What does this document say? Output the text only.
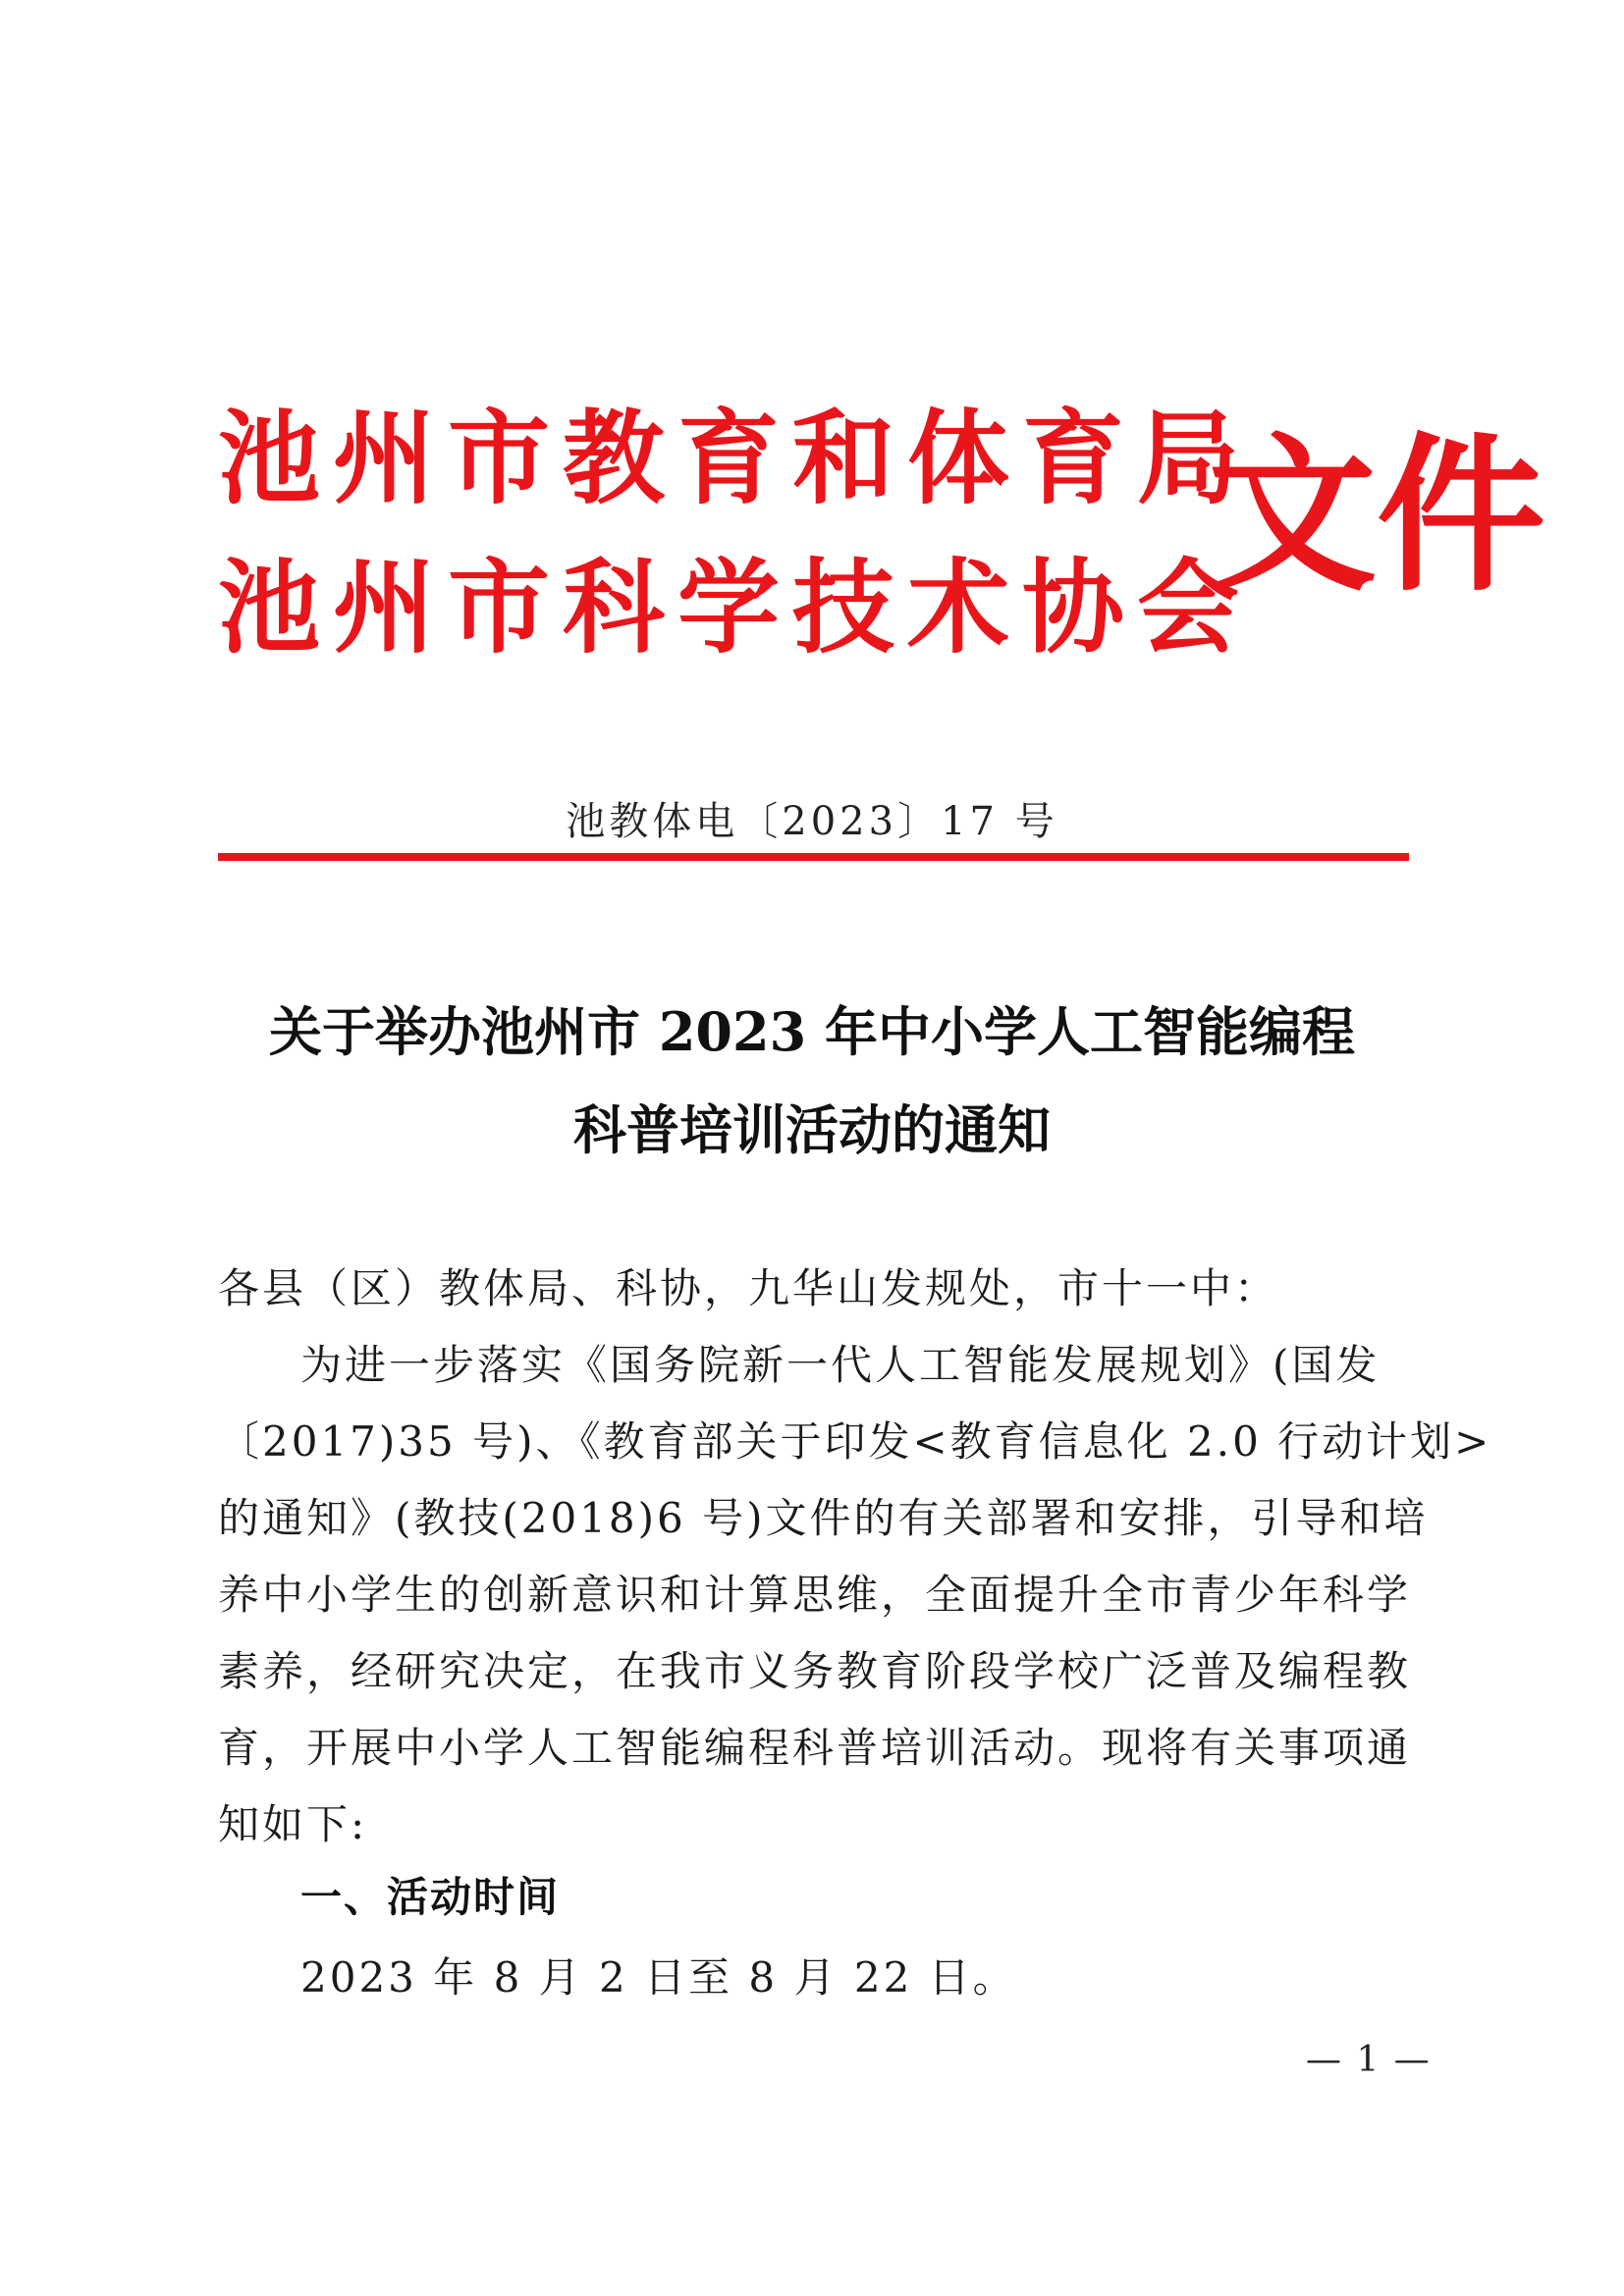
池州市教育和体育局
池州市科学技术协会
文件
池教体电〔2023〕17 号
关于举办池州市 2023 年中小学人工智能编程
科普培训活动的通知
各县（区）教体局、科协，九华山发规处，市十一中：
为进一步落实《国务院新一代人工智能发展规划》(国发
〔2017)35 号)、《教育部关于印发<教育信息化 2.0 行动计划>
的通知》(教技(2018)6 号)文件的有关部署和安排，引导和培
养中小学生的创新意识和计算思维，全面提升全市青少年科学
素养，经研究决定，在我市义务教育阶段学校广泛普及编程教
育，开展中小学人工智能编程科普培训活动。现将有关事项通
知如下:
一、活动时间
2023 年 8 月 2 日至 8 月 22 日。
— 1 —
